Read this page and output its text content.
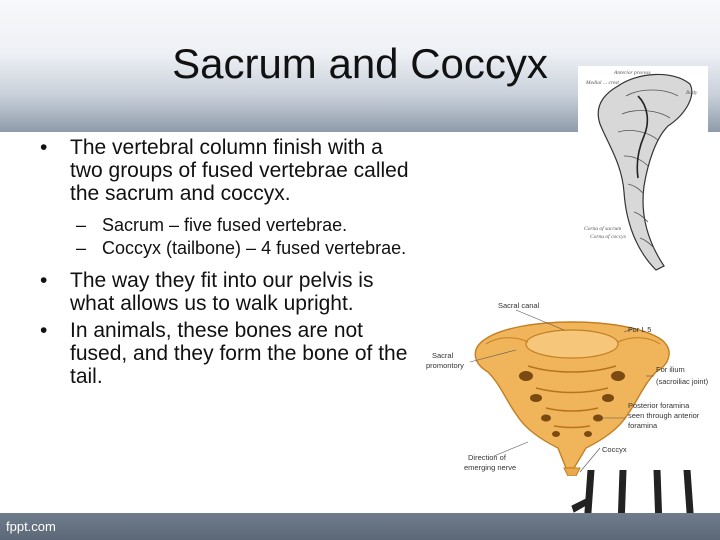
Sacrum and Coccyx
• The vertebral column finish with a two groups of fused vertebrae called the sacrum and coccyx.
– Sacrum – five fused vertebrae.
– Coccyx (tailbone) – 4 fused vertebrae.
• The way they fit into our pelvis is what allows us to walk upright.
• In animals, these bones are not fused, and they form the bone of the tail.
Anterior process
Medial ... crest
Body
Cornu of sacrum
Cornu of coccyx
Sacral canal
For L 5
Sacral
promontory	For ilium
(sacroiliac joint)
Posterior foramina
seen through anterior
foramina
Coccyx
Direction of
emerging nerve
fppt.com
